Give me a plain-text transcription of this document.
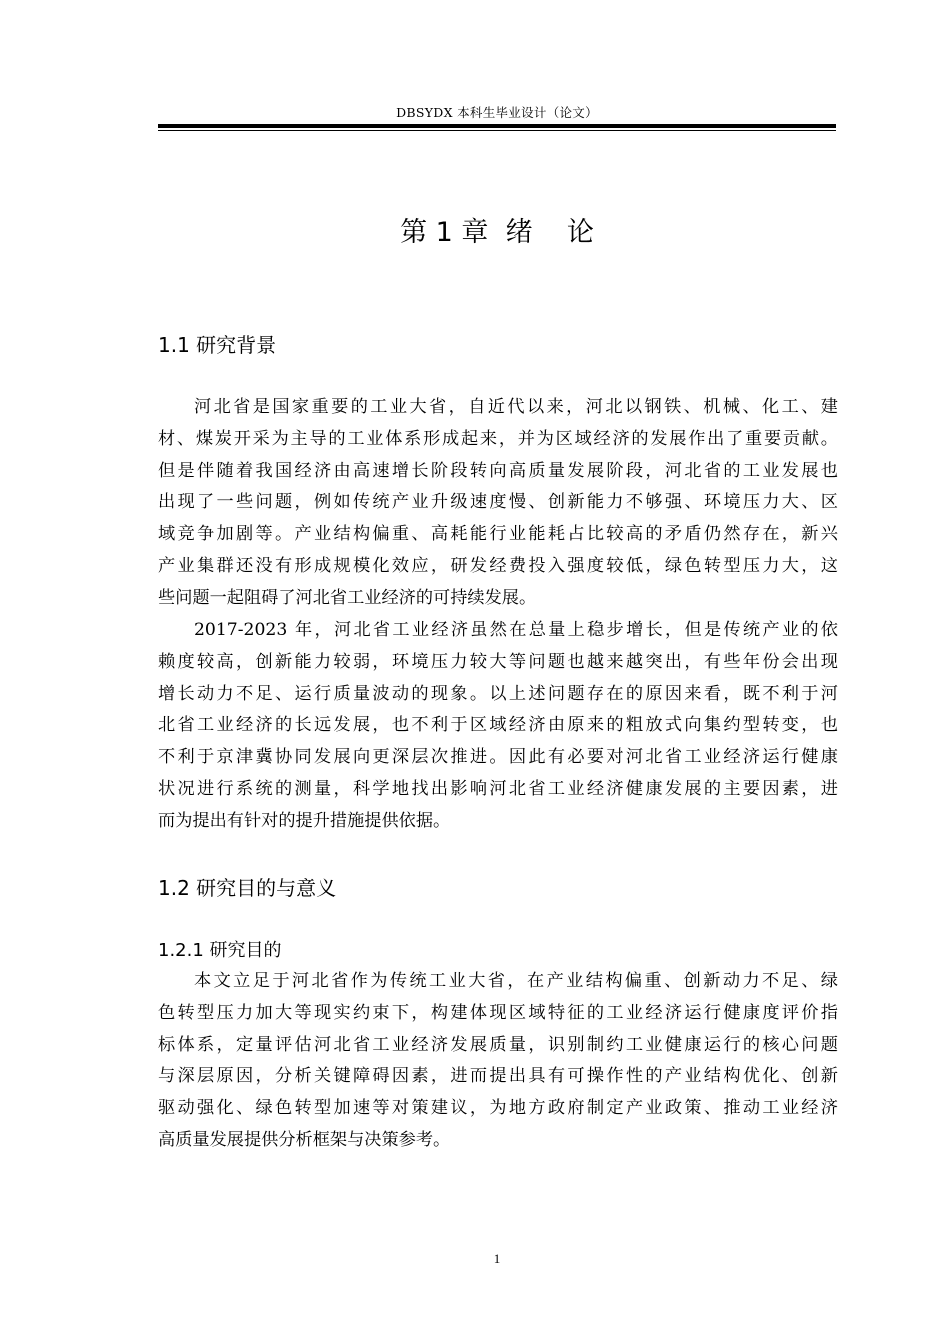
DBSYDX 本科生毕业设计（论文）
第 1 章  绪    论
1.1 研究背景
河北省是国家重要的工业大省，自近代以来，河北以钢铁、机械、化工、建
材、煤炭开采为主导的工业体系形成起来，并为区域经济的发展作出了重要贡献。
但是伴随着我国经济由高速增长阶段转向高质量发展阶段，河北省的工业发展也
出现了一些问题，例如传统产业升级速度慢、创新能力不够强、环境压力大、区
域竞争加剧等。产业结构偏重、高耗能行业能耗占比较高的矛盾仍然存在，新兴
产业集群还没有形成规模化效应，研发经费投入强度较低，绿色转型压力大，这
些问题一起阻碍了河北省工业经济的可持续发展。
2017-2023 年，河北省工业经济虽然在总量上稳步增长，但是传统产业的依
赖度较高，创新能力较弱，环境压力较大等问题也越来越突出，有些年份会出现
增长动力不足、运行质量波动的现象。以上述问题存在的原因来看，既不利于河
北省工业经济的长远发展，也不利于区域经济由原来的粗放式向集约型转变，也
不利于京津冀协同发展向更深层次推进。因此有必要对河北省工业经济运行健康
状况进行系统的测量，科学地找出影响河北省工业经济健康发展的主要因素，进
而为提出有针对的提升措施提供依据。
1.2 研究目的与意义
1.2.1 研究目的
本文立足于河北省作为传统工业大省，在产业结构偏重、创新动力不足、绿
色转型压力加大等现实约束下，构建体现区域特征的工业经济运行健康度评价指
标体系，定量评估河北省工业经济发展质量，识别制约工业健康运行的核心问题
与深层原因，分析关键障碍因素，进而提出具有可操作性的产业结构优化、创新
驱动强化、绿色转型加速等对策建议，为地方政府制定产业政策、推动工业经济
高质量发展提供分析框架与决策参考。
1
